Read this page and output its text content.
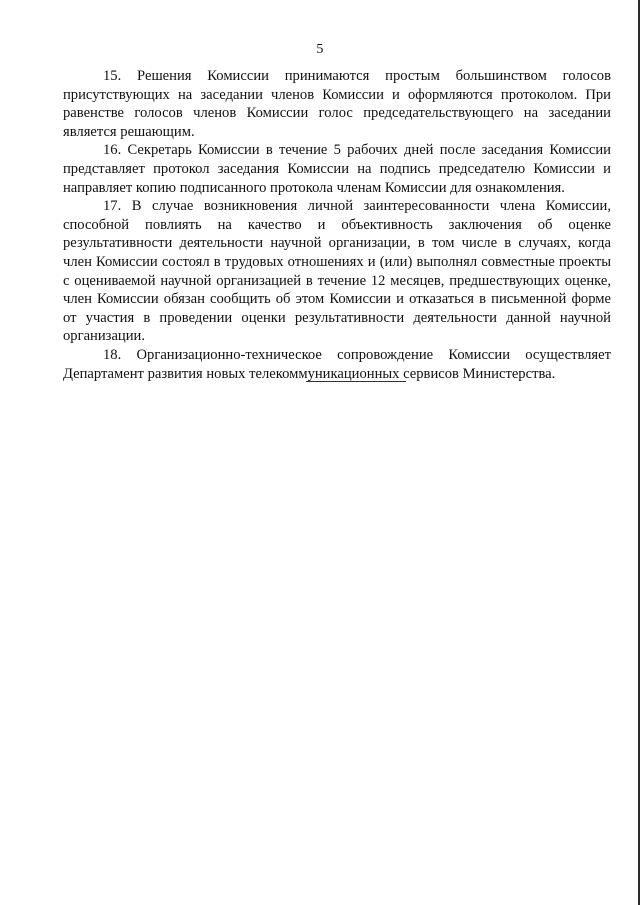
5

15. Решения Комиссии принимаются простым большинством голосов присутствующих на заседании членов Комиссии и оформляются протоколом. При равенстве голосов членов Комиссии голос председательствующего на заседании является решающим.

16. Секретарь Комиссии в течение 5 рабочих дней после заседания Комиссии представляет протокол заседания Комиссии на подпись председателю Комиссии и направляет копию подписанного протокола членам Комиссии для ознакомления.

17. В случае возникновения личной заинтересованности члена Комиссии, способной повлиять на качество и объективность заключения об оценке результативности деятельности научной организации, в том числе в случаях, когда член Комиссии состоял в трудовых отношениях и (или) выполнял совместные проекты с оцениваемой научной организацией в течение 12 месяцев, предшествующих оценке, член Комиссии обязан сообщить об этом Комиссии и отказаться в письменной форме от участия в проведении оценки результативности деятельности данной научной организации.

18. Организационно-техническое сопровождение Комиссии осуществляет Департамент развития новых телекоммуникационных сервисов Министерства.
